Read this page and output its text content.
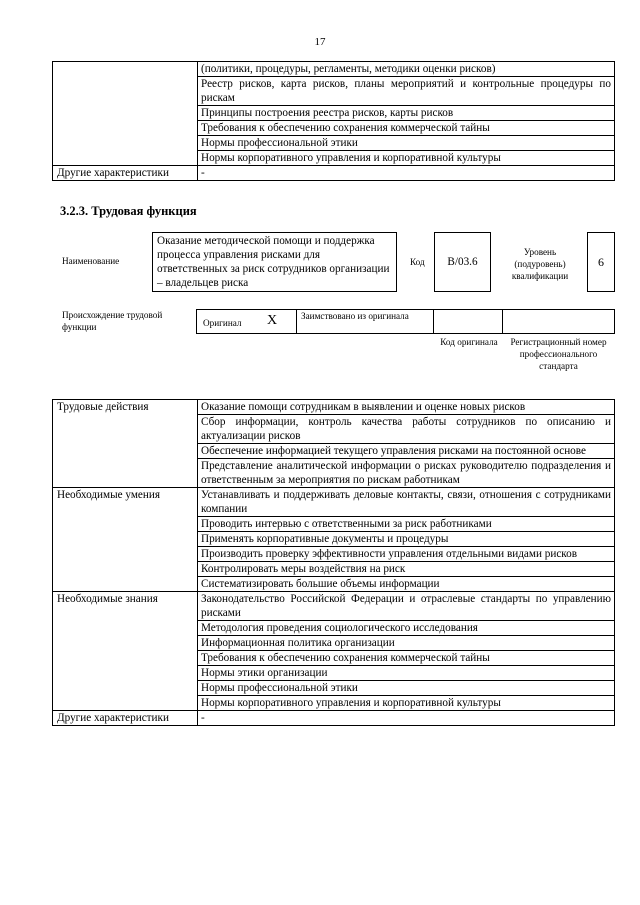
17
	(политики, процедуры, регламенты, методики оценки рисков)
	Реестр рисков, карта рисков, планы мероприятий и контрольные процедуры по рискам
	Принципы построения реестра рисков, карты рисков
	Требования к обеспечению сохранения коммерческой тайны
	Нормы профессиональной этики
	Нормы корпоративного управления и корпоративной культуры
Другие характеристики	-
3.2.3. Трудовая функция
Наименование
Оказание методической помощи и поддержка процесса управления рисками для ответственных за риск сотрудников организации – владельцев риска
Код	B/03.6
Уровень (подуровень) квалификации
6
Происхождение трудовой функции	Оригинал X	Заимствовано из оригинала
Код оригинала	Регистрационный номер профессионального стандарта
Трудовые действия	Оказание помощи сотрудникам в выявлении и оценке новых рисков
	Сбор информации, контроль качества работы сотрудников по описанию и актуализации рисков
	Обеспечение информацией текущего управления рисками на постоянной основе
	Представление аналитической информации о рисках руководителю подразделения и ответственным за мероприятия по рискам работникам
Необходимые умения	Устанавливать и поддерживать деловые контакты, связи, отношения с сотрудниками компании
	Проводить интервью с ответственными за риск работниками
	Применять корпоративные документы и процедуры
	Производить проверку эффективности управления отдельными видами рисков
	Контролировать меры воздействия на риск
	Систематизировать большие объемы информации
Необходимые знания	Законодательство Российской Федерации и отраслевые стандарты по управлению рисками
	Методология проведения социологического исследования
	Информационная политика организации
	Требования к обеспечению сохранения коммерческой тайны
	Нормы этики организации
	Нормы профессиональной этики
	Нормы корпоративного управления и корпоративной культуры
Другие характеристики	-
